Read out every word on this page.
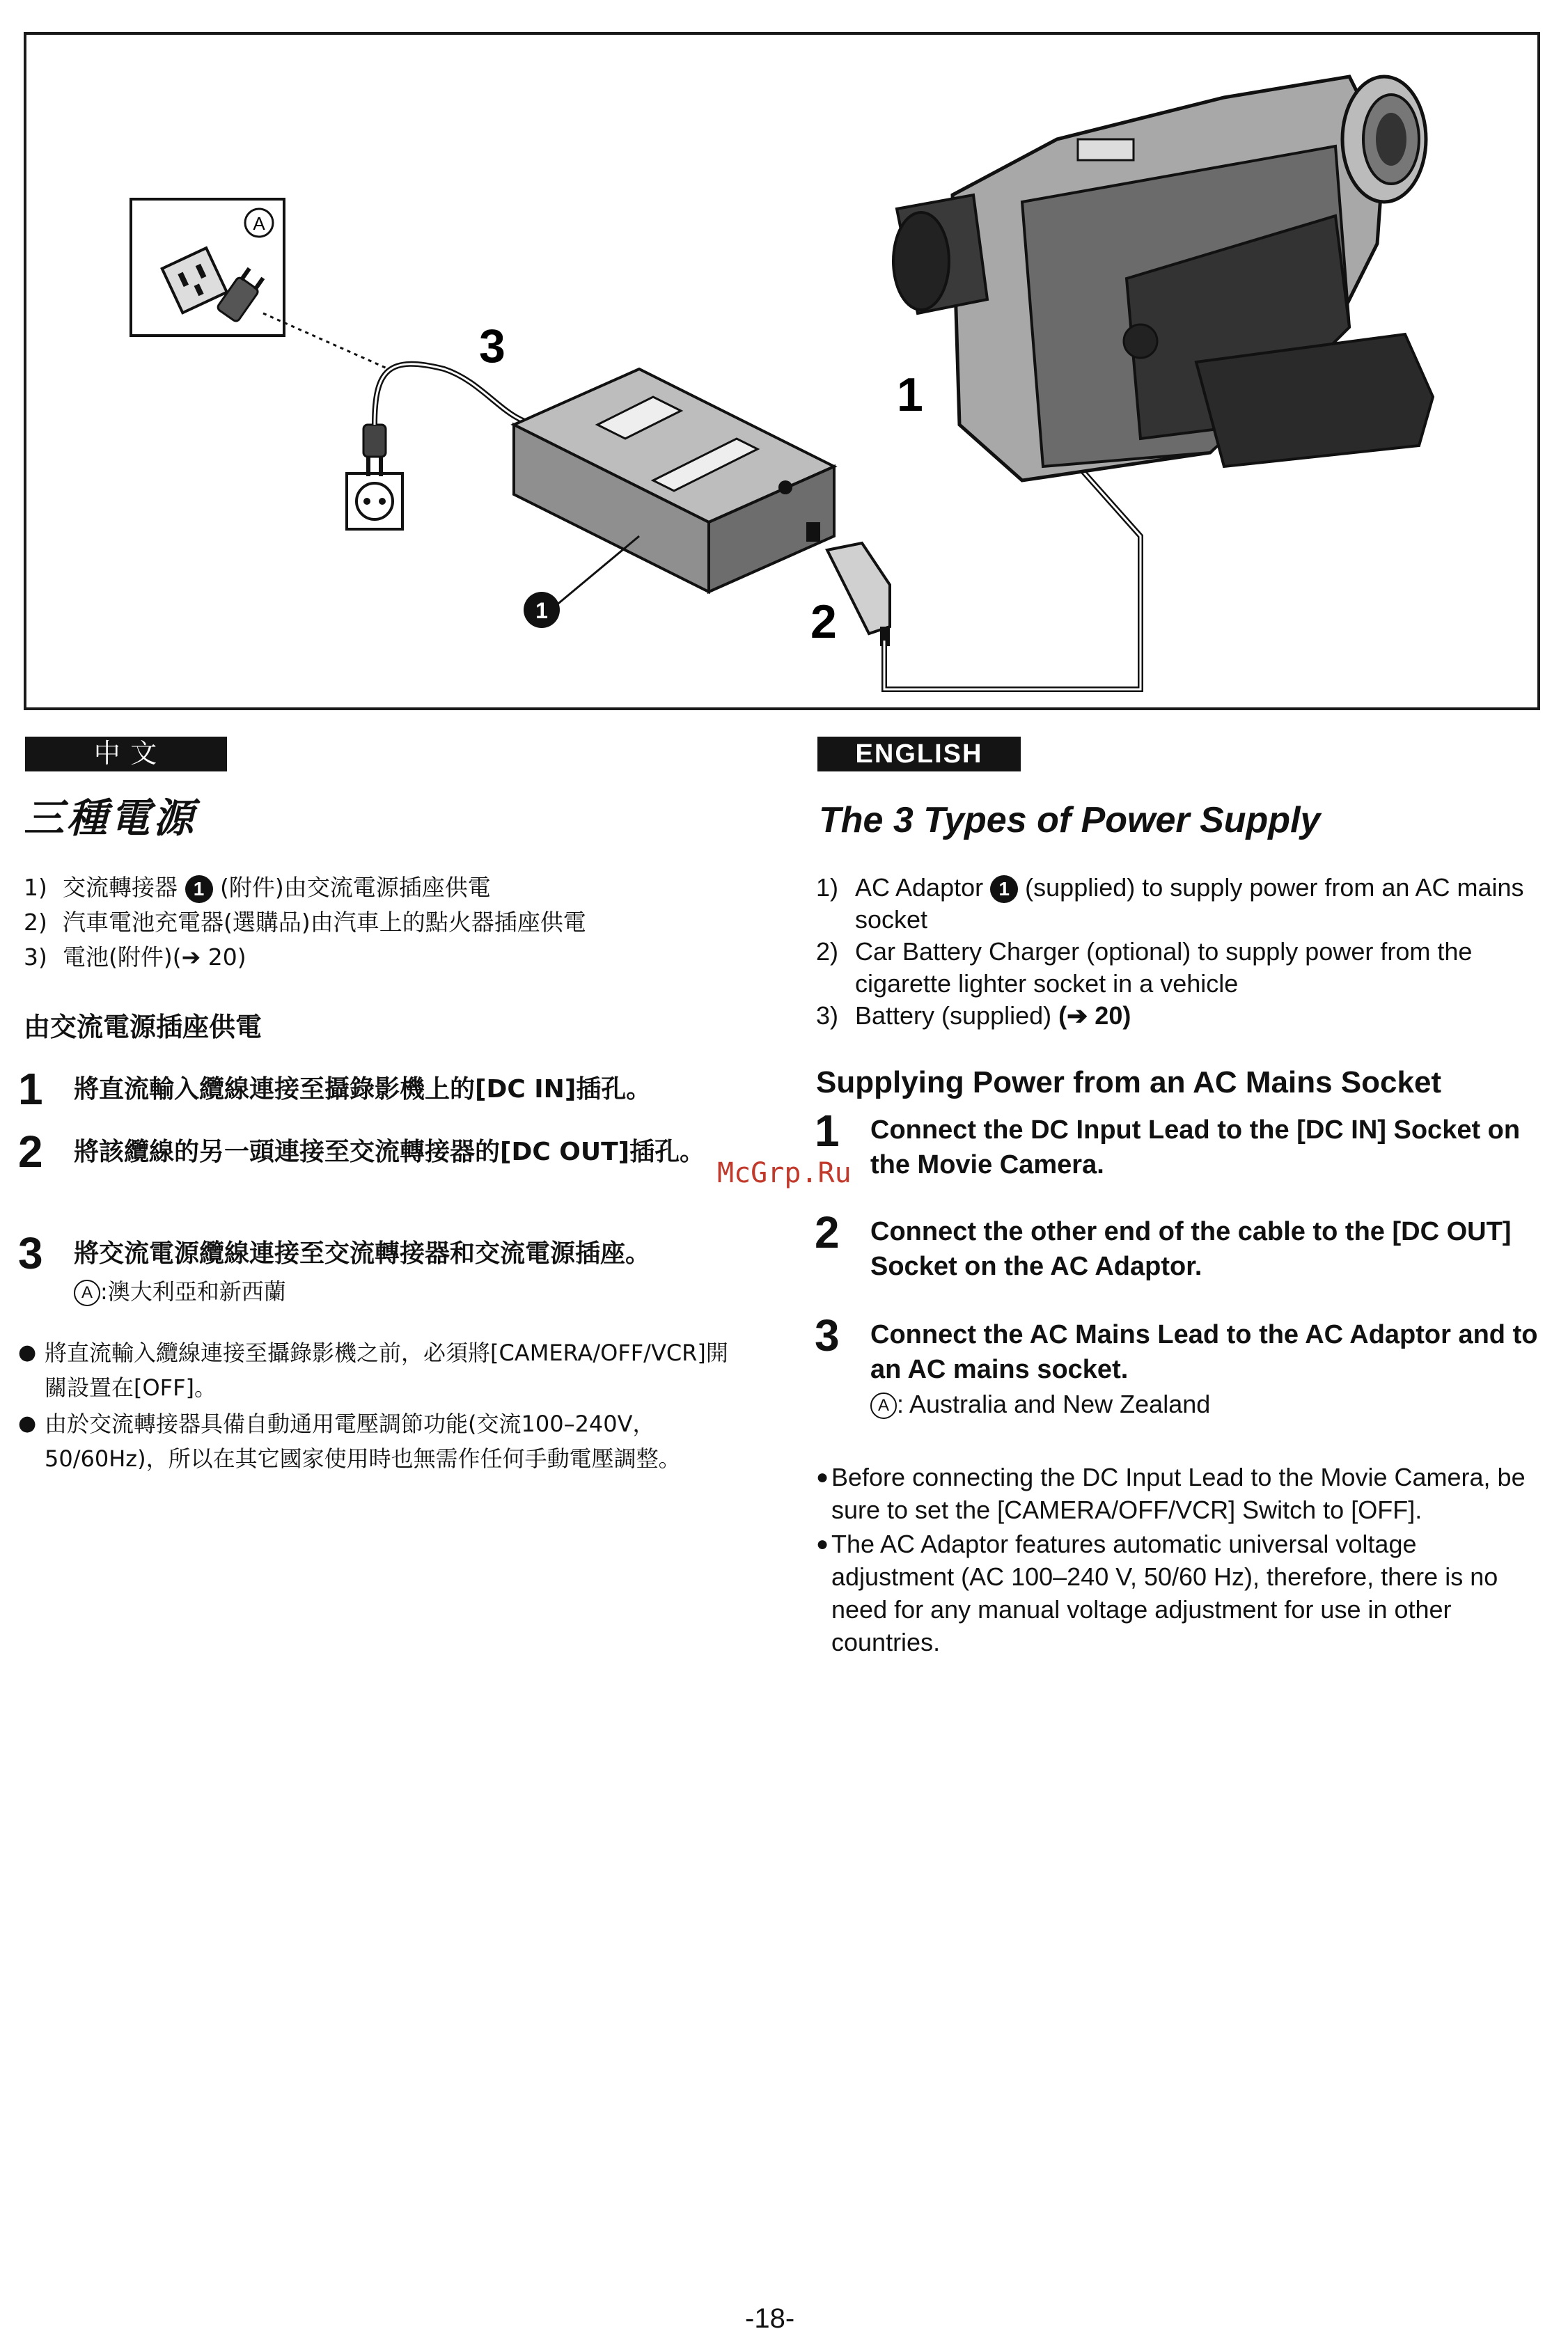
A
1
3
1
2
中 文
三種電源
1) 交流轉接器 1 (附件)由交流電源插座供電
2) 汽車電池充電器(選購品)由汽車上的點火器插座供電
3) 電池(附件)(➔ 20)
由交流電源插座供電
1	將直流輸入纜線連接至攝錄影機上的[DC IN]插孔。
2	將該纜線的另一頭連接至交流轉接器的[DC OUT]插孔。
3	將交流電源纜線連接至交流轉接器和交流電源插座。
A :澳大利亞和新西蘭
● 將直流輸入纜線連接至攝錄影機之前，必須將[CAMERA/OFF/VCR]開關設置在[OFF]。
● 由於交流轉接器具備自動通用電壓調節功能(交流100–240V，50/60Hz)，所以在其它國家使用時也無需作任何手動電壓調整。
ENGLISH
The 3 Types of Power Supply
1) AC Adaptor 1 (supplied) to supply power from an AC mains socket
2) Car Battery Charger (optional) to supply power from the cigarette lighter socket in a vehicle
3) Battery (supplied) (➔ 20)
Supplying Power from an AC Mains Socket
1	Connect the DC Input Lead to the [DC IN] Socket on the Movie Camera.
2	Connect the other end of the cable to the [DC OUT] Socket on the AC Adaptor.
3	Connect the AC Mains Lead to the AC Adaptor and to an AC mains socket.
A : Australia and New Zealand
● Before connecting the DC Input Lead to the Movie Camera, be sure to set the [CAMERA/OFF/VCR] Switch to [OFF].
● The AC Adaptor features automatic universal voltage adjustment (AC 100–240 V, 50/60 Hz), therefore, there is no need for any manual voltage adjustment for use in other countries.
McGrp.Ru
-18-
